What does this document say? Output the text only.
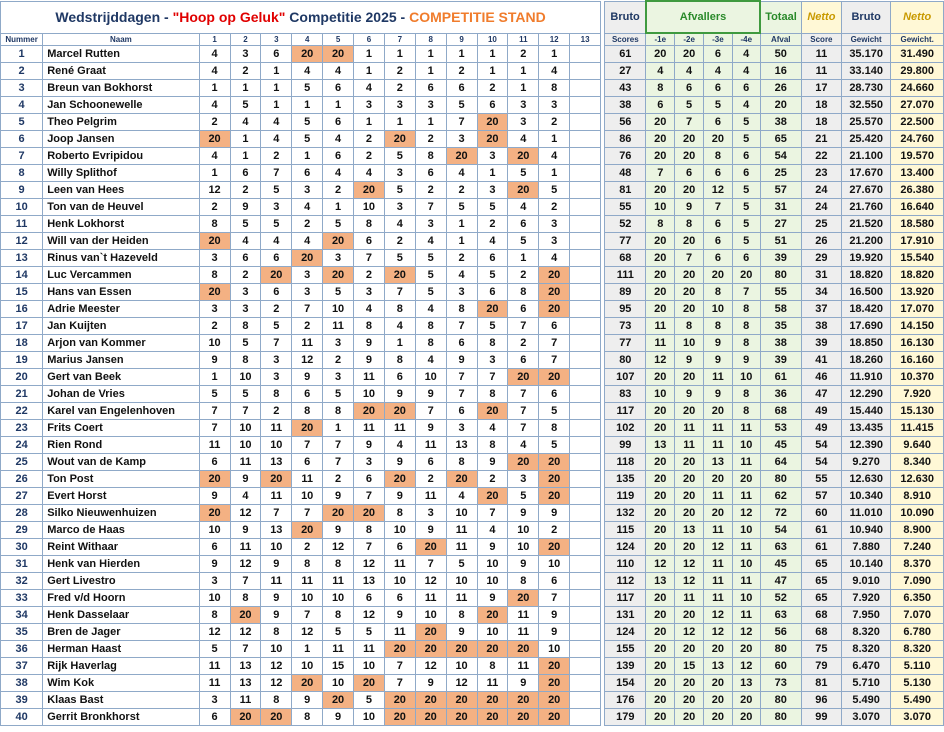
Wedstrijddagen - "Hoop op Geluk" Competitie 2025 - COMPETITIE STAND																Bruto	Afvallers				Totaal	Netto	Bruto	Netto
Nummer	Naam	1	2	3	4	5	6	7	8	9	10	11	12	13		Scores	-1e	-2e	-3e	-4e	Afval	Score	Gewicht	Gewicht.
1	Marcel Rutten	4	3	6	20	20	1	1	1	1	1	2	1			61	20	20	6	4	50	11	35.170	31.490
2	René Graat	4	2	1	4	4	1	2	1	2	1	1	4			27	4	4	4	4	16	11	33.140	29.800
3	Breun van Bokhorst	1	1	1	5	6	4	2	6	6	2	1	8			43	8	6	6	6	26	17	28.730	24.660
4	Jan Schoonewelle	4	5	1	1	1	3	3	3	5	6	3	3			38	6	5	5	4	20	18	32.550	27.070
5	Theo Pelgrim	2	4	4	5	6	1	1	1	7	20	3	2			56	20	7	6	5	38	18	25.570	22.500
6	Joop Jansen	20	1	4	5	4	2	20	2	3	20	4	1			86	20	20	20	5	65	21	25.420	24.760
7	Roberto Evripidou	4	1	2	1	6	2	5	8	20	3	20	4			76	20	20	8	6	54	22	21.100	19.570
8	Willy Splithof	1	6	7	6	4	4	3	6	4	1	5	1			48	7	6	6	6	25	23	17.670	13.400
9	Leen van Hees	12	2	5	3	2	20	5	2	2	3	20	5			81	20	20	12	5	57	24	27.670	26.380
10	Ton van de Heuvel	2	9	3	4	1	10	3	7	5	5	4	2			55	10	9	7	5	31	24	21.760	16.640
11	Henk Lokhorst	8	5	5	2	5	8	4	3	1	2	6	3			52	8	8	6	5	27	25	21.520	18.580
12	Will van der Heiden	20	4	4	4	20	6	2	4	1	4	5	3			77	20	20	6	5	51	26	21.200	17.910
13	Rinus van`t Hazeveld	3	6	6	20	3	7	5	5	2	6	1	4			68	20	7	6	6	39	29	19.920	15.540
14	Luc Vercammen	8	2	20	3	20	2	20	5	4	5	2	20			111	20	20	20	20	80	31	18.820	18.820
15	Hans van Essen	20	3	6	3	5	3	7	5	3	6	8	20			89	20	20	8	7	55	34	16.500	13.920
16	Adrie Meester	3	3	2	7	10	4	8	4	8	20	6	20			95	20	20	10	8	58	37	18.420	17.070
17	Jan Kuijten	2	8	5	2	11	8	4	8	7	5	7	6			73	11	8	8	8	35	38	17.690	14.150
18	Arjon van Kommer	10	5	7	11	3	9	1	8	6	8	2	7			77	11	10	9	8	38	39	18.850	16.130
19	Marius Jansen	9	8	3	12	2	9	8	4	9	3	6	7			80	12	9	9	9	39	41	18.260	16.160
20	Gert van Beek	1	10	3	9	3	11	6	10	7	7	20	20			107	20	20	11	10	61	46	11.910	10.370
21	Johan de Vries	5	5	8	6	5	10	9	9	7	8	7	6			83	10	9	9	8	36	47	12.290	7.920
22	Karel van Engelenhoven	7	7	2	8	8	20	20	7	6	20	7	5			117	20	20	20	8	68	49	15.440	15.130
23	Frits Coert	7	10	11	20	1	11	11	9	3	4	7	8			102	20	11	11	11	53	49	13.435	11.415
24	Rien Rond	11	10	10	7	7	9	4	11	13	8	4	5			99	13	11	11	10	45	54	12.390	9.640
25	Wout van de Kamp	6	11	13	6	7	3	9	6	8	9	20	20			118	20	20	13	11	64	54	9.270	8.340
26	Ton Post	20	9	20	11	2	6	20	2	20	2	3	20			135	20	20	20	20	80	55	12.630	12.630
27	Evert Horst	9	4	11	10	9	7	9	11	4	20	5	20			119	20	20	11	11	62	57	10.340	8.910
28	Silko Nieuwenhuizen	20	12	7	7	20	20	8	3	10	7	9	9			132	20	20	20	12	72	60	11.010	10.090
29	Marco de Haas	10	9	13	20	9	8	10	9	11	4	10	2			115	20	13	11	10	54	61	10.940	8.900
30	Reint Withaar	6	11	10	2	12	7	6	20	11	9	10	20			124	20	20	12	11	63	61	7.880	7.240
31	Henk van Hierden	9	12	9	8	8	12	11	7	5	10	9	10			110	12	12	11	10	45	65	10.140	8.370
32	Gert Livestro	3	7	11	11	11	13	10	12	10	10	8	6			112	13	12	11	11	47	65	9.010	7.090
33	Fred v/d Hoorn	10	8	9	10	10	6	6	11	11	9	20	7			117	20	11	11	10	52	65	7.920	6.350
34	Henk Dasselaar	8	20	9	7	8	12	9	10	8	20	11	9			131	20	20	12	11	63	68	7.950	7.070
35	Bren de Jager	12	12	8	12	5	5	11	20	9	10	11	9			124	20	12	12	12	56	68	8.320	6.780
36	Herman Haast	5	7	10	1	11	11	20	20	20	20	20	10			155	20	20	20	20	80	75	8.320	8.320
37	Rijk Haverlag	11	13	12	10	15	10	7	12	10	8	11	20			139	20	15	13	12	60	79	6.470	5.110
38	Wim Kok	11	13	12	20	10	20	7	9	12	11	9	20			154	20	20	20	13	73	81	5.710	5.130
39	Klaas Bast	3	11	8	9	20	5	20	20	20	20	20	20			176	20	20	20	20	80	96	5.490	5.490
40	Gerrit Bronkhorst	6	20	20	8	9	10	20	20	20	20	20	20			179	20	20	20	20	80	99	3.070	3.070
